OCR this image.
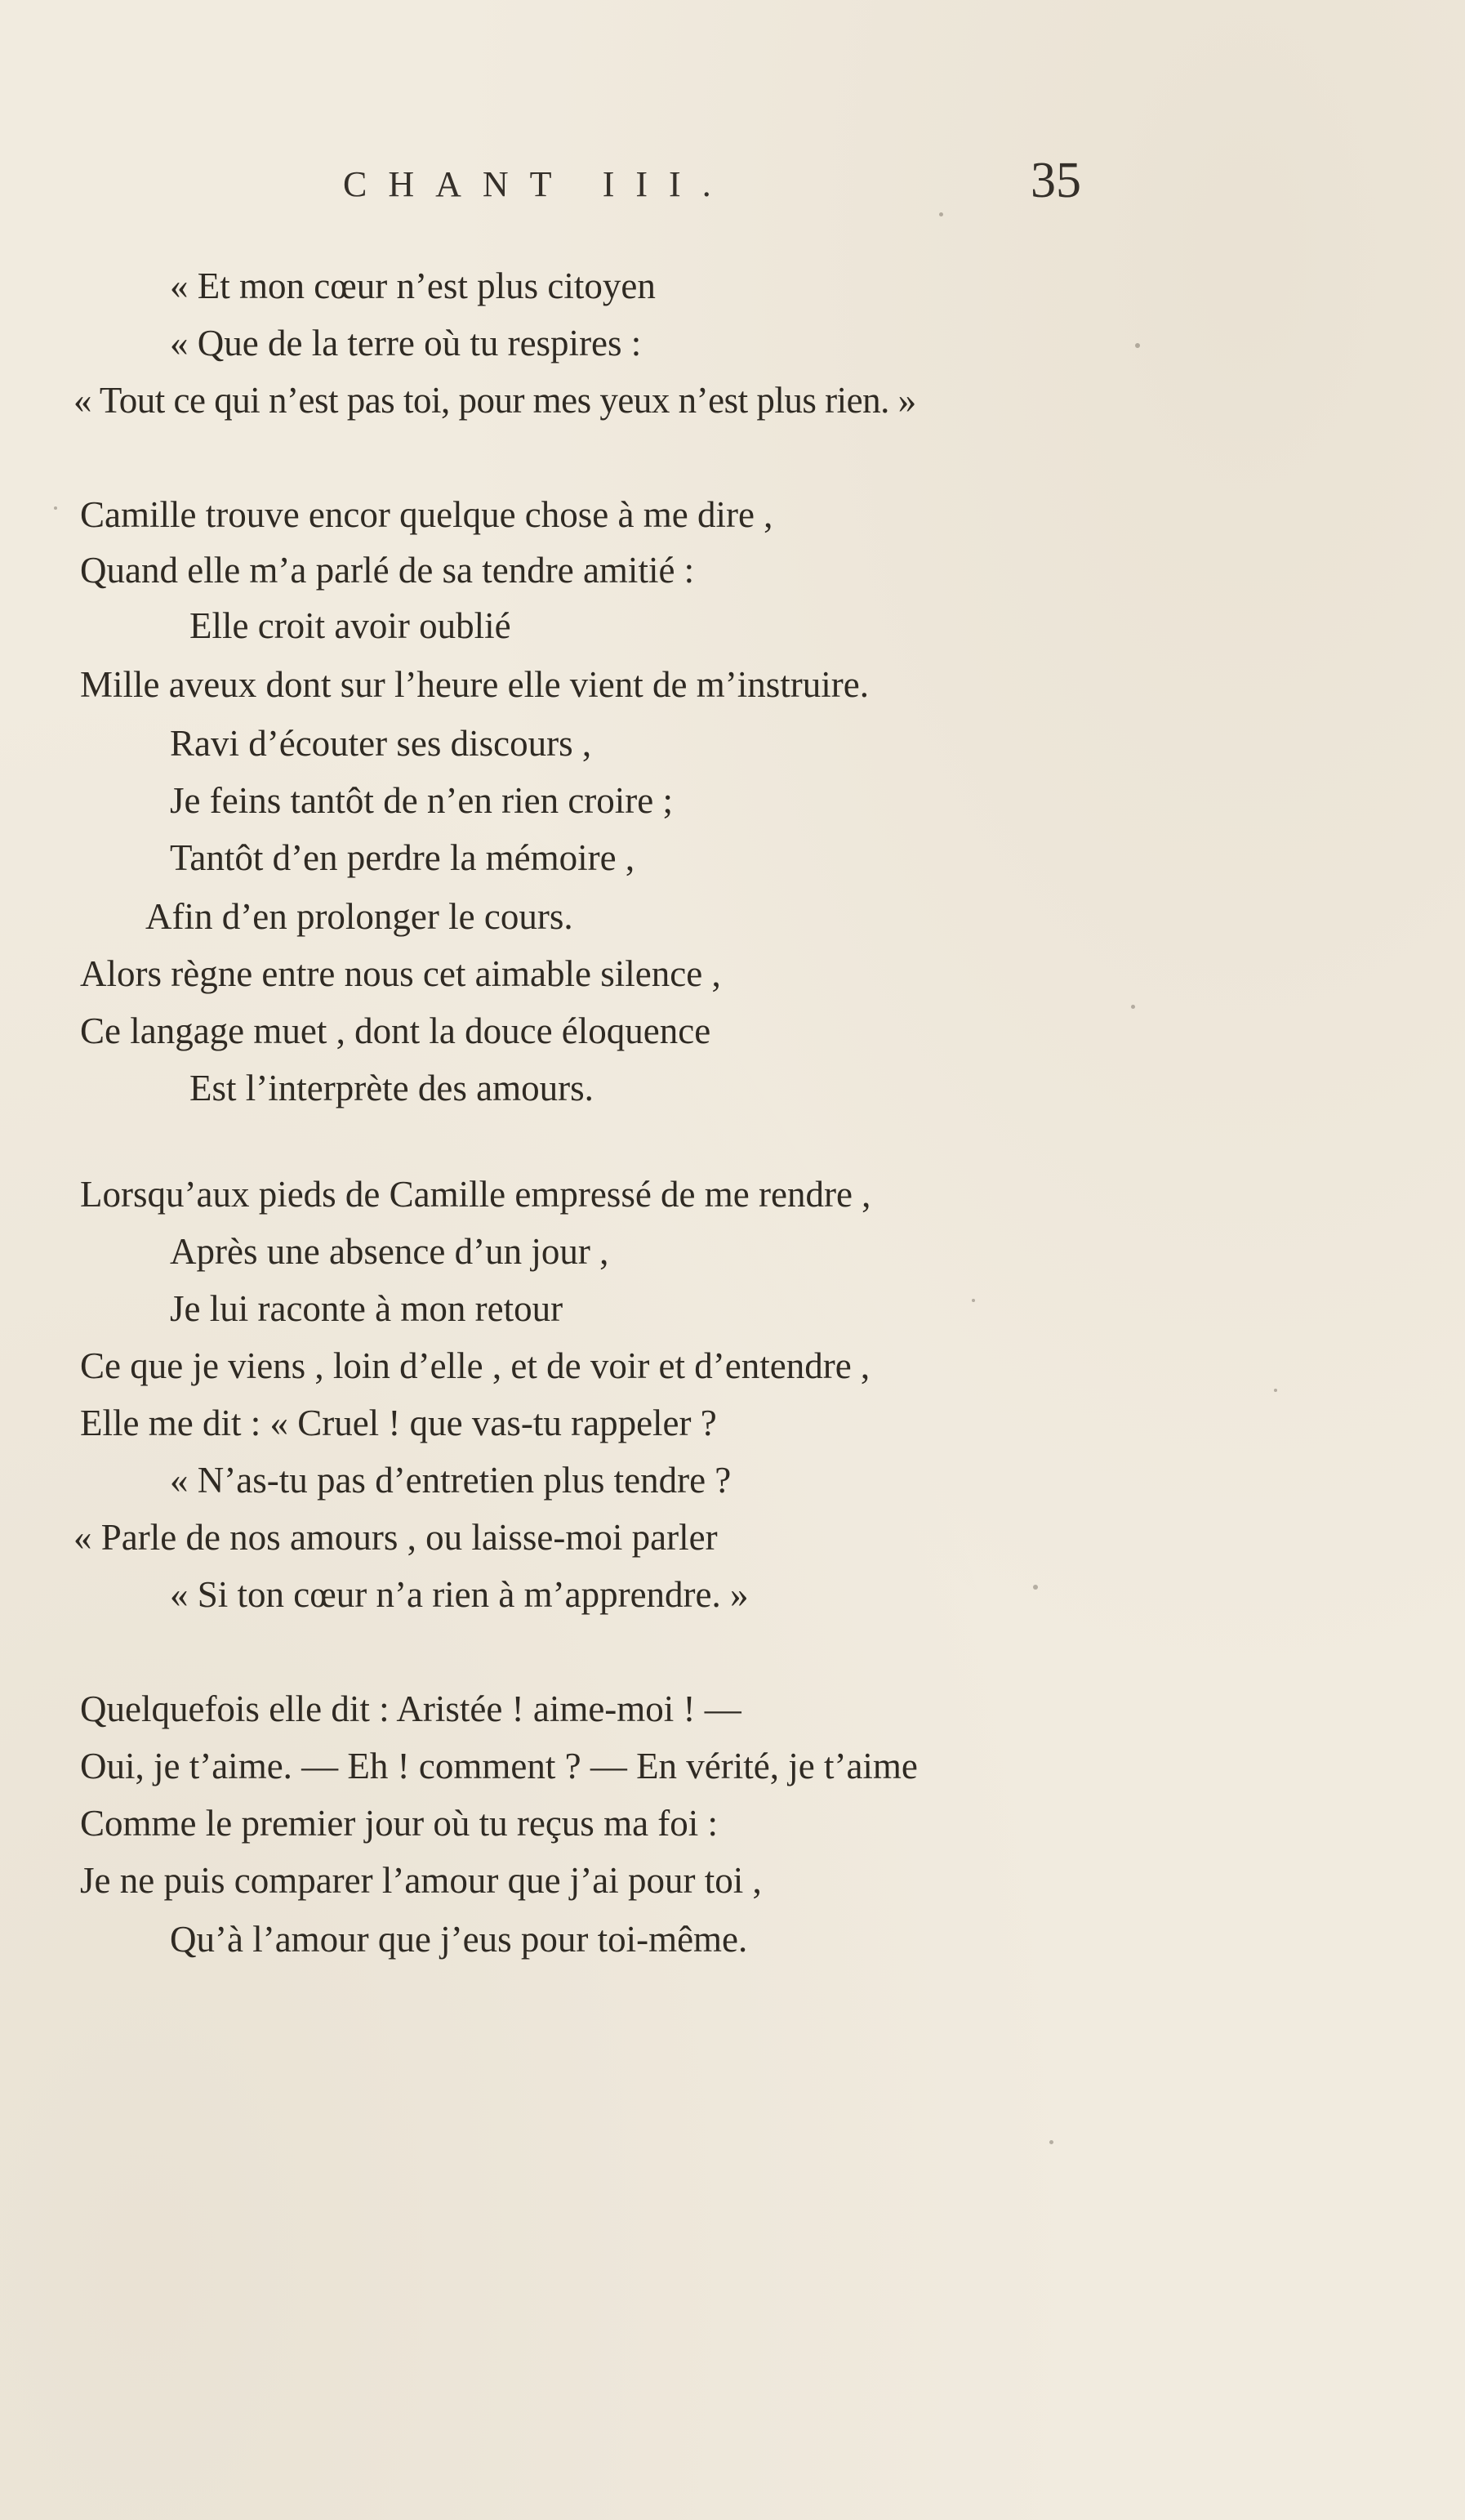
CHANT III.	35
« Et mon cœur n’est plus citoyen
« Que de la terre où tu respires :
« Tout ce qui n’est pas toi, pour mes yeux n’est plus rien. »
Camille trouve encor quelque chose à me dire ,
Quand elle m’a parlé de sa tendre amitié :
Elle croit avoir oublié
Mille aveux dont sur l’heure elle vient de m’instruire.
Ravi d’écouter ses discours ,
Je feins tantôt de n’en rien croire ;
Tantôt d’en perdre la mémoire ,
Afin d’en prolonger le cours.
Alors règne entre nous cet aimable silence ,
Ce langage muet , dont la douce éloquence
Est l’interprète des amours.
Lorsqu’aux pieds de Camille empressé de me rendre ,
Après une absence d’un jour ,
Je lui raconte à mon retour
Ce que je viens , loin d’elle , et de voir et d’entendre ,
Elle me dit : « Cruel ! que vas-tu rappeler ?
« N’as-tu pas d’entretien plus tendre ?
« Parle de nos amours , ou laisse-moi parler
« Si ton cœur n’a rien à m’apprendre. »
Quelquefois elle dit : Aristée ! aime-moi ! —
Oui, je t’aime. — Eh ! comment ? — En vérité, je t’aime
Comme le premier jour où tu reçus ma foi :
Je ne puis comparer l’amour que j’ai pour toi ,
Qu’à l’amour que j’eus pour toi-même.
